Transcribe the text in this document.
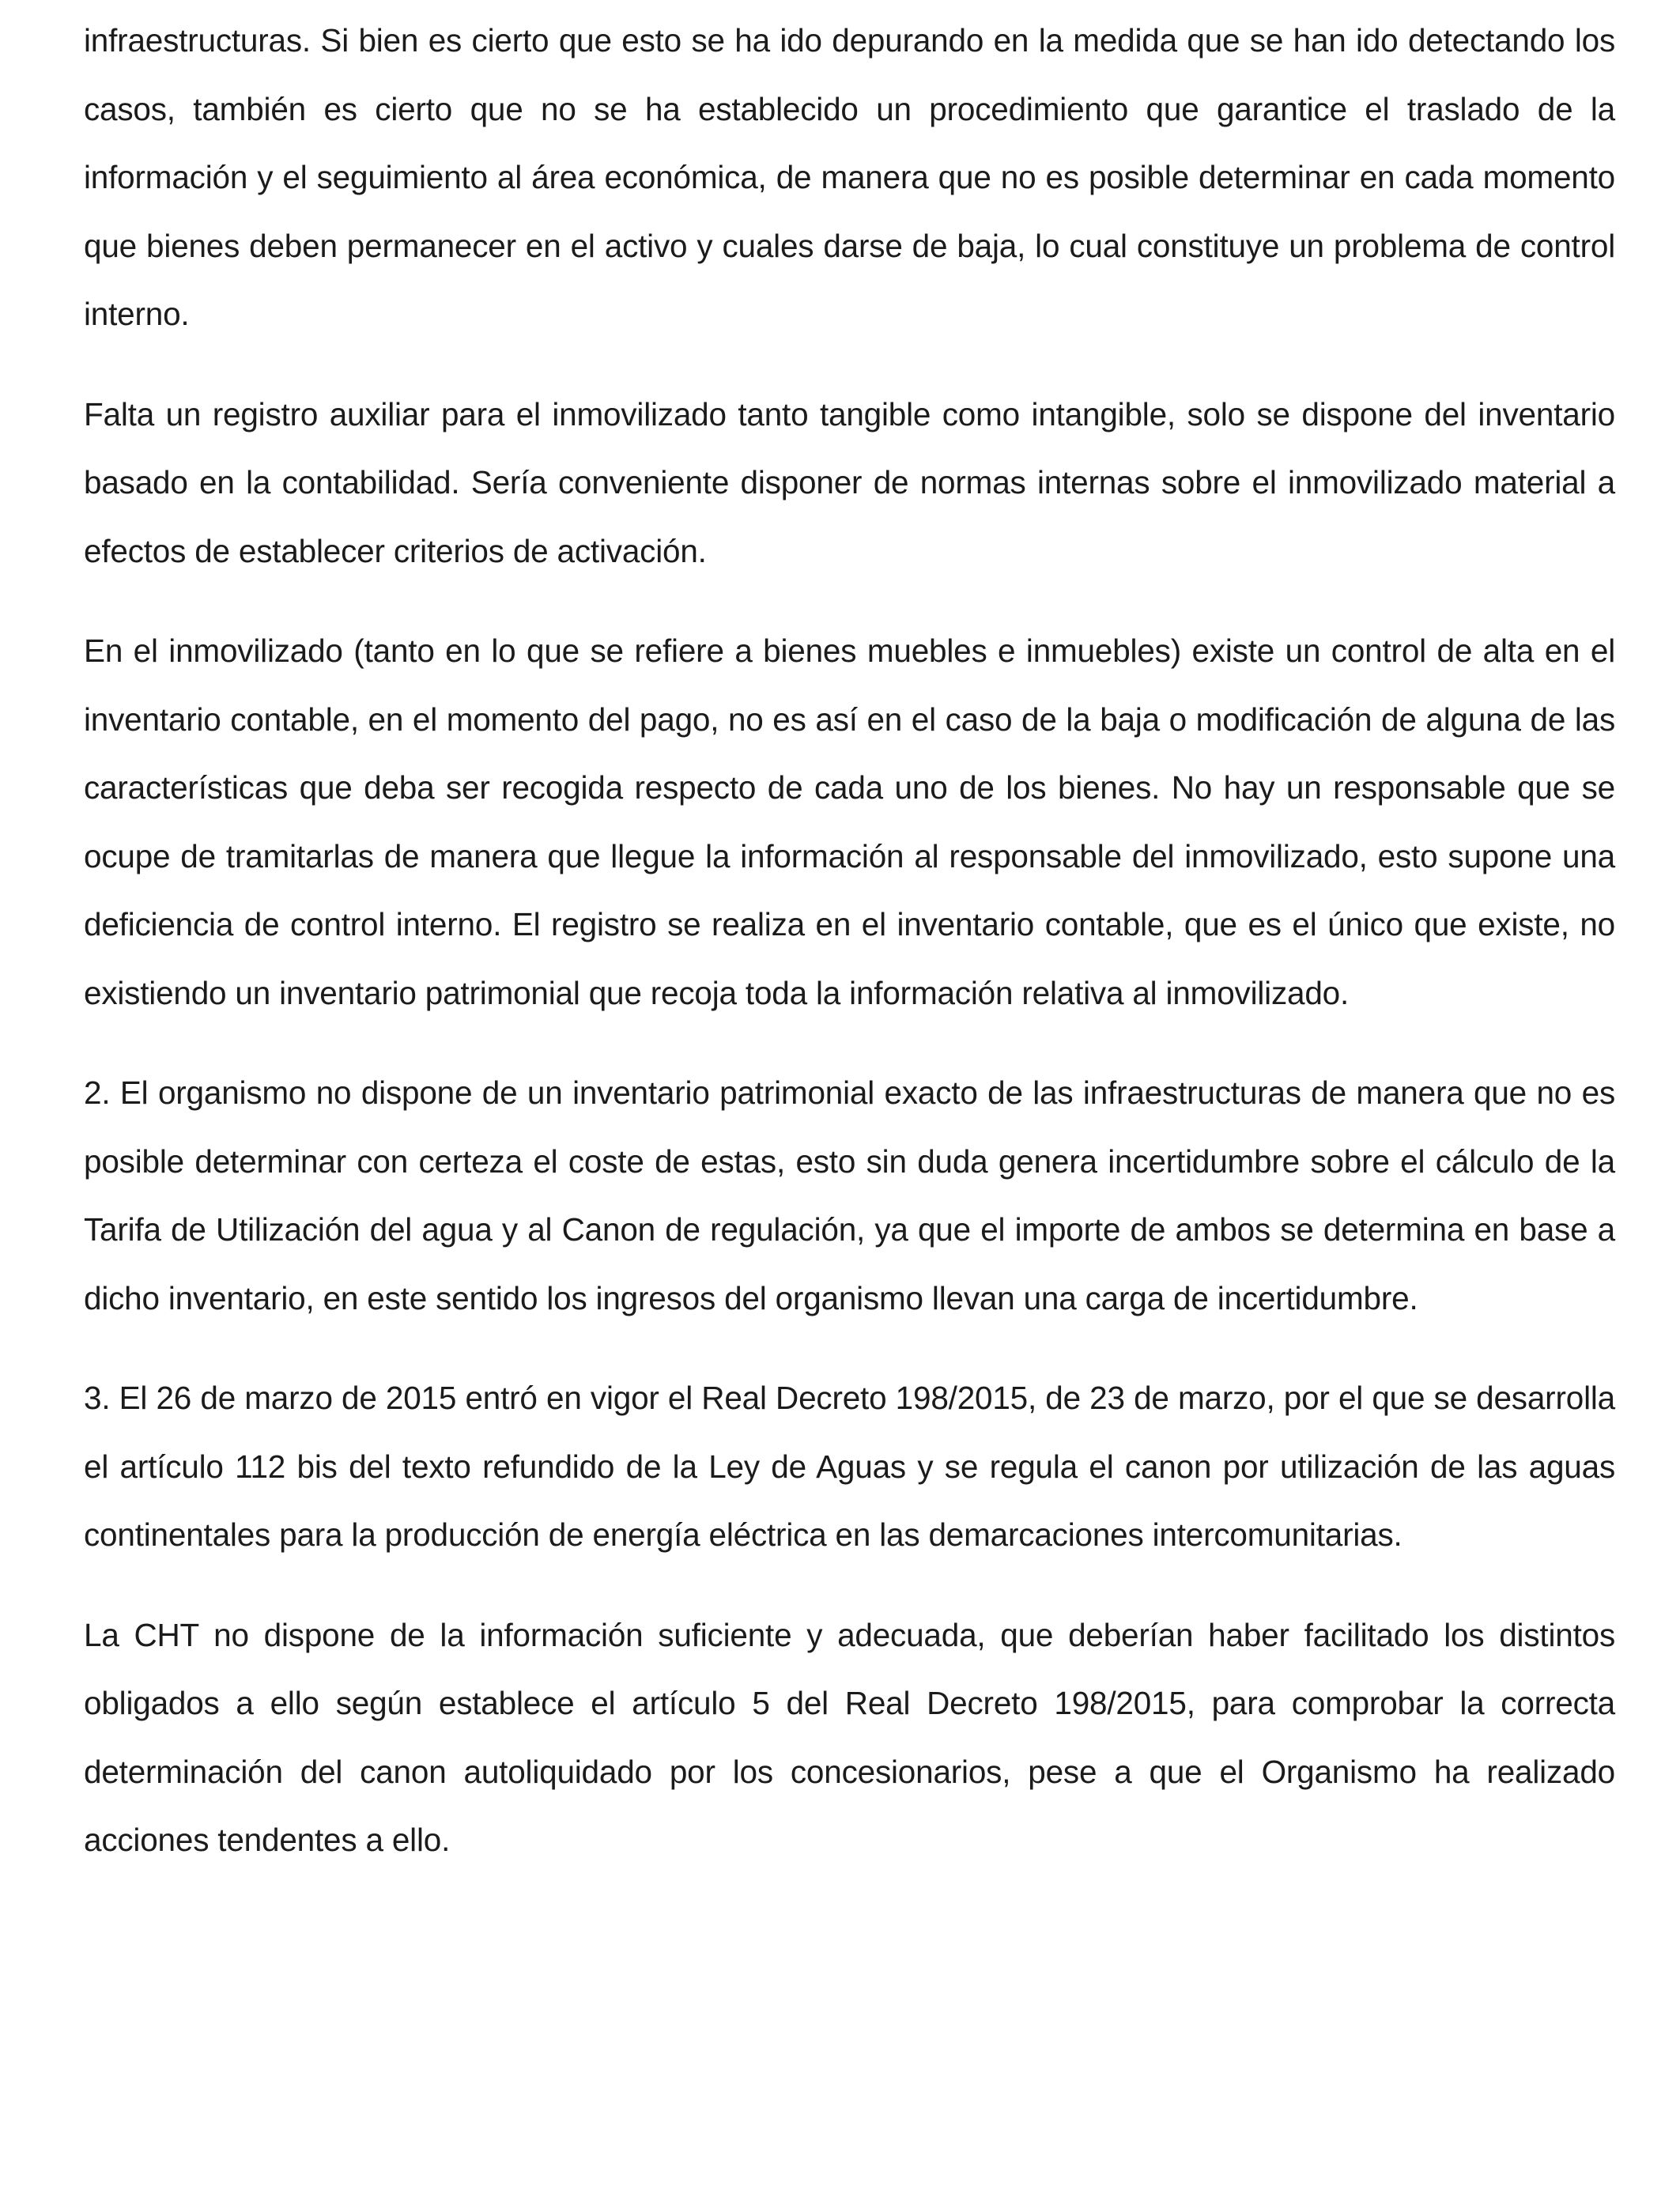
infraestructuras. Si bien es cierto que esto se ha ido depurando en la medida que se han ido detectando los casos, también es cierto que no se ha establecido un procedimiento que garantice el traslado de la información y el seguimiento al área económica, de manera que no es posible determinar en cada momento que bienes deben permanecer en el activo y cuales darse de baja, lo cual constituye un problema de control interno.

Falta un registro auxiliar para el inmovilizado tanto tangible como intangible, solo se dispone del inventario basado en la contabilidad. Sería conveniente disponer de normas internas sobre el inmovilizado material a efectos de establecer criterios de activación.

En el inmovilizado (tanto en lo que se refiere a bienes muebles e inmuebles) existe un control de alta en el inventario contable, en el momento del pago, no es así en el caso de la baja o modificación de alguna de las características que deba ser recogida respecto de cada uno de los bienes. No hay un responsable que se ocupe de tramitarlas de manera que llegue la información al responsable del inmovilizado, esto supone una deficiencia de control interno. El registro se realiza en el inventario contable, que es el único que existe, no existiendo un inventario patrimonial que recoja toda la información relativa al inmovilizado.

2. El organismo no dispone de un inventario patrimonial exacto de las infraestructuras de manera que no es posible determinar con certeza el coste de estas, esto sin duda genera incertidumbre sobre el cálculo de la Tarifa de Utilización del agua y al Canon de regulación, ya que el importe de ambos se determina en base a dicho inventario, en este sentido los ingresos del organismo llevan una carga de incertidumbre.

3. El 26 de marzo de 2015 entró en vigor el Real Decreto 198/2015, de 23 de marzo, por el que se desarrolla el artículo 112 bis del texto refundido de la Ley de Aguas y se regula el canon por utilización de las aguas continentales para la producción de energía eléctrica en las demarcaciones intercomunitarias.

La CHT no dispone de la información suficiente y adecuada, que deberían haber facilitado los distintos obligados a ello según establece el artículo 5 del Real Decreto 198/2015, para comprobar la correcta determinación del canon autoliquidado por los concesionarios, pese a que el Organismo ha realizado acciones tendentes a ello.
